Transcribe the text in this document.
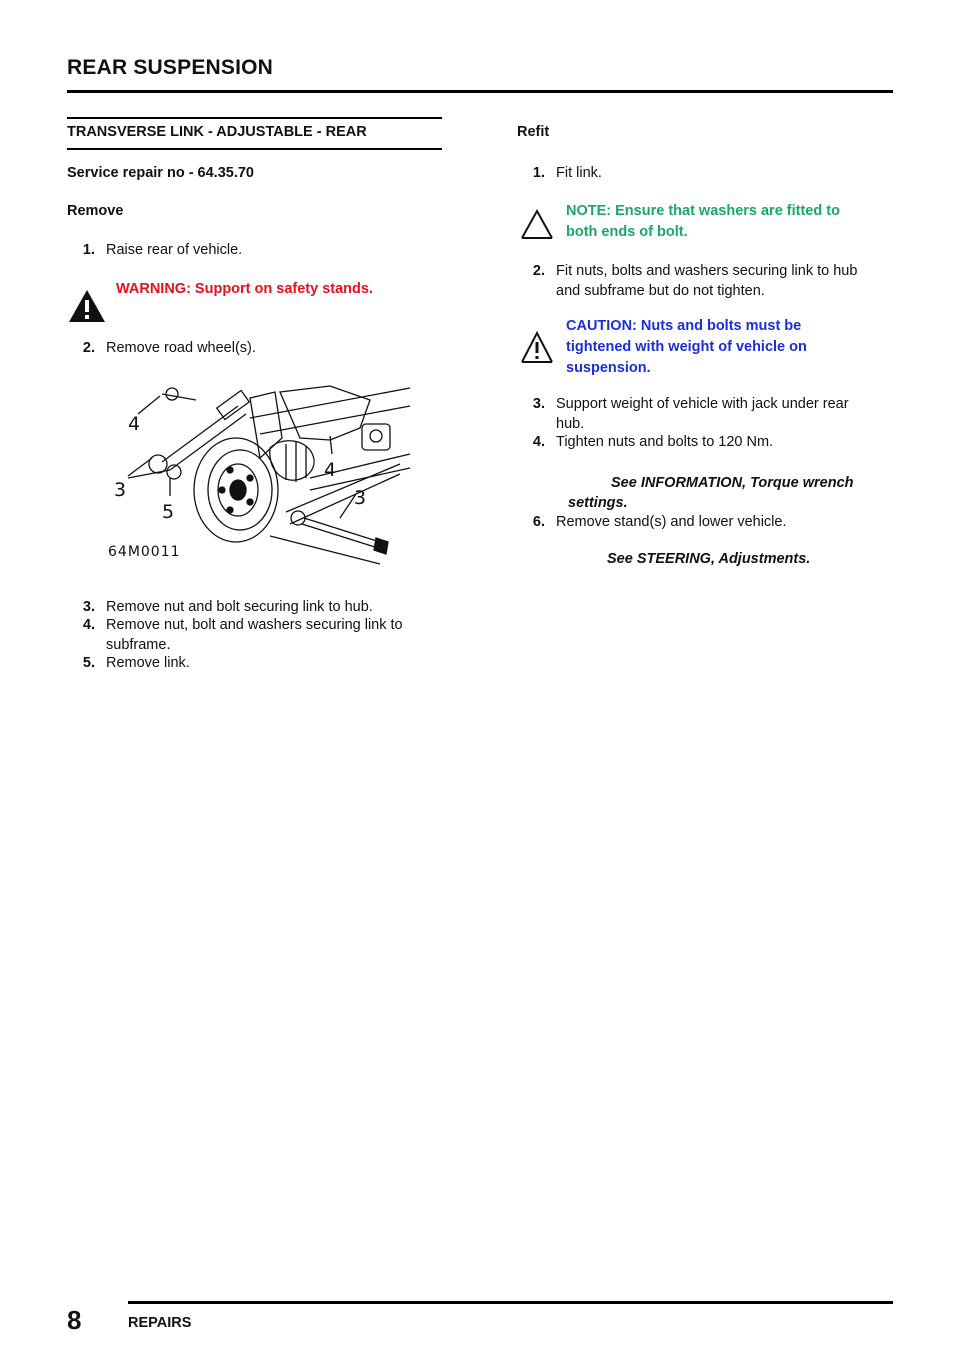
REAR SUSPENSION
TRANSVERSE LINK - ADJUSTABLE - REAR
Service repair no - 64.35.70
Remove
1. Raise rear of vehicle.
WARNING: Support on safety stands.
2. Remove road wheel(s).
4
3
5
4
3
64M0011
3. Remove nut and bolt securing link to hub.
4. Remove nut, bolt and washers securing link to
subframe.
5. Remove link.
Refit
1. Fit link.
NOTE: Ensure that washers are fitted to
both ends of bolt.
2. Fit nuts, bolts and washers securing link to hub
and subframe but do not tighten.
CAUTION: Nuts and bolts must be
tightened with weight of vehicle on
suspension.
3. Support weight of vehicle with jack under rear
hub.
4. Tighten nuts and bolts to 120 Nm.
See INFORMATION, Torque wrench
settings.
6. Remove stand(s) and lower vehicle.
See STEERING, Adjustments.
8	REPAIRS
